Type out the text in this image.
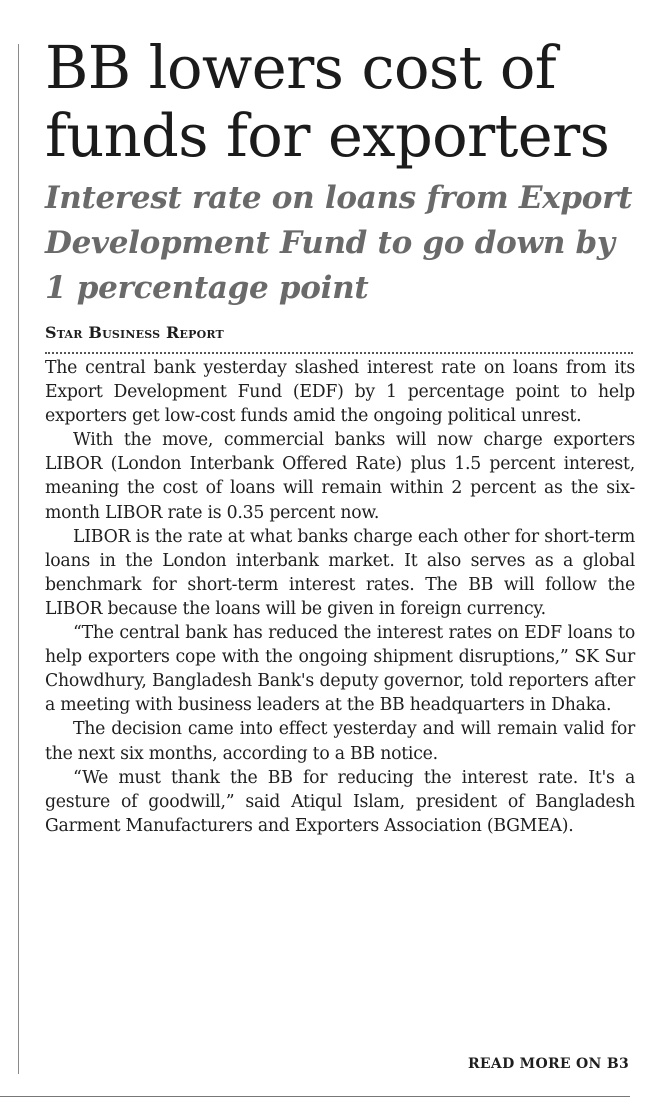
BB lowers cost of funds for exporters
Interest rate on loans from Export Development Fund to go down by 1 percentage point
Star Business Report

The central bank yesterday slashed interest rate on loans from its Export Development Fund (EDF) by 1 percentage point to help exporters get low-cost funds amid the ongoing political unrest.

With the move, commercial banks will now charge exporters LIBOR (London Interbank Offered Rate) plus 1.5 percent interest, meaning the cost of loans will remain within 2 percent as the six-month LIBOR rate is 0.35 percent now.

LIBOR is the rate at what banks charge each other for short-term loans in the London interbank market. It also serves as a global benchmark for short-term interest rates. The BB will follow the LIBOR because the loans will be given in foreign currency.

“The central bank has reduced the interest rates on EDF loans to help exporters cope with the ongoing shipment disruptions,” SK Sur Chowdhury, Bangladesh Bank's deputy governor, told reporters after a meeting with business leaders at the BB headquarters in Dhaka.

The decision came into effect yesterday and will remain valid for the next six months, according to a BB notice.

“We must thank the BB for reducing the interest rate. It's a gesture of goodwill,” said Atiqul Islam, president of Bangladesh Garment Manufacturers and Exporters Association (BGMEA).

READ MORE ON B3
